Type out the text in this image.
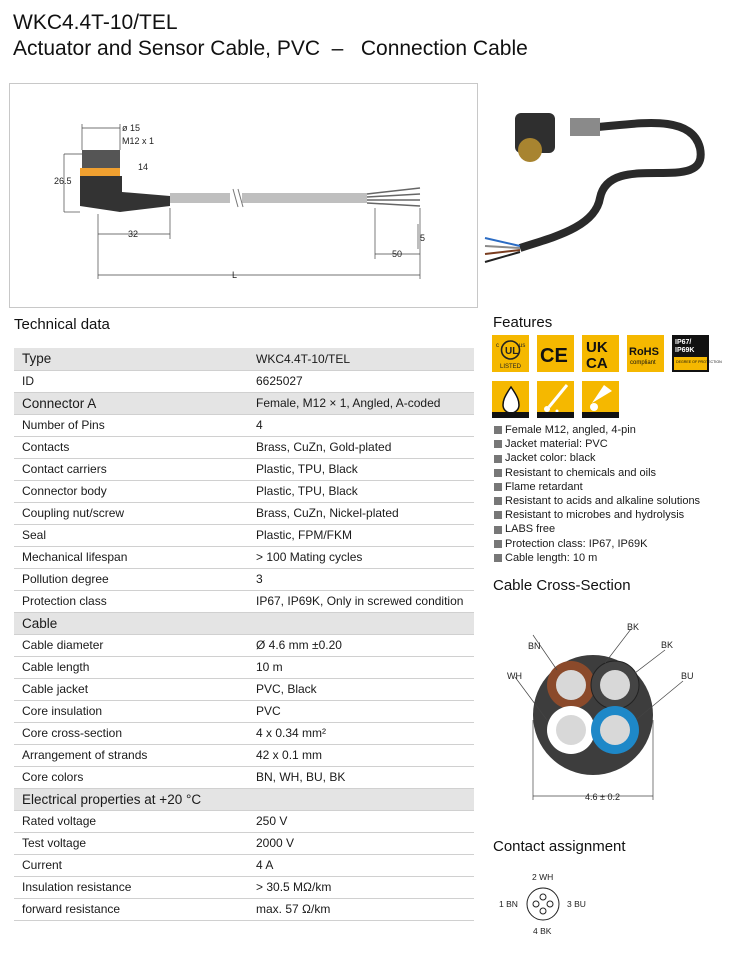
WKC4.4T-10/TEL
Actuator and Sensor Cable, PVC  –   Connection Cable
ø 15
M12 x 1
14
26.5
32
50
5
L
Technical data	Features
Cable Cross-Section
Contact assignment
Type	WKC4.4T-10/TEL
ID	6625027
Connector A	Female, M12 × 1, Angled, A-coded
Number of Pins	4
Contacts	Brass, CuZn, Gold-plated
Contact carriers	Plastic, TPU, Black
Connector body	Plastic, TPU, Black
Coupling nut/screw	Brass, CuZn, Nickel-plated
Seal	Plastic, FPM/FKM
Mechanical lifespan	> 100 Mating cycles
Pollution degree	3
Protection class	IP67, IP69K, Only in screwed condition
Cable	
Cable diameter	Ø 4.6 mm ±0.20
Cable length	10 m
Cable jacket	PVC, Black
Core insulation	PVC
Core cross-section	4 x 0.34 mm²
Arrangement of strands	42 x 0.1 mm
Core colors	BN, WH, BU, BK
Electrical properties at +20 °C	
Rated voltage	250 V
Test voltage	2000 V
Current	4 A
Insulation resistance	> 30.5 MΩ/km
forward resistance	max. 57 Ω/km
UL
c	us
LISTED CE UK
CA
RoHS
compliant
IP67/
IP69K
DEGREE OF PROTECTION
Female M12, angled, 4-pin
Jacket material: PVC
Jacket color: black
Resistant to chemicals and oils
Flame retardant
Resistant to acids and alkaline solutions
Resistant to microbes and hydrolysis
LABS free
Protection class: IP67, IP69K
Cable length: 10 m
BN
BK
BK
WH	BU
4.6 ± 0.2
2 WH
1 BN	3 BU
4 BK
